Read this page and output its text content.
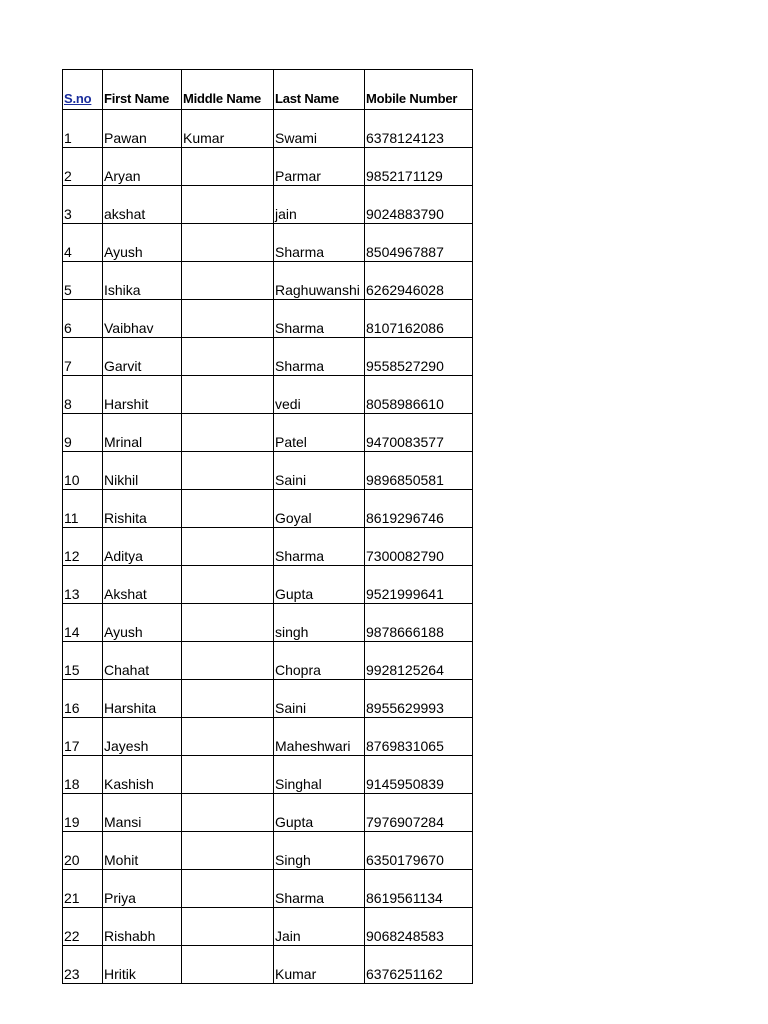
S.no	First Name	Middle Name	Last Name	Mobile Number
1	Pawan	Kumar	Swami	6378124123
2	Aryan		Parmar	9852171129
3	akshat		jain	9024883790
4	Ayush		Sharma	8504967887
5	Ishika		Raghuwanshi	6262946028
6	Vaibhav		Sharma	8107162086
7	Garvit		Sharma	9558527290
8	Harshit		vedi	8058986610
9	Mrinal		Patel	9470083577
10	Nikhil		Saini	9896850581
11	Rishita		Goyal	8619296746
12	Aditya		Sharma	7300082790
13	Akshat		Gupta	9521999641
14	Ayush		singh	9878666188
15	Chahat		Chopra	9928125264
16	Harshita		Saini	8955629993
17	Jayesh		Maheshwari	8769831065
18	Kashish		Singhal	9145950839
19	Mansi		Gupta	7976907284
20	Mohit		Singh	6350179670
21	Priya		Sharma	8619561134
22	Rishabh		Jain	9068248583
23	Hritik		Kumar	6376251162
